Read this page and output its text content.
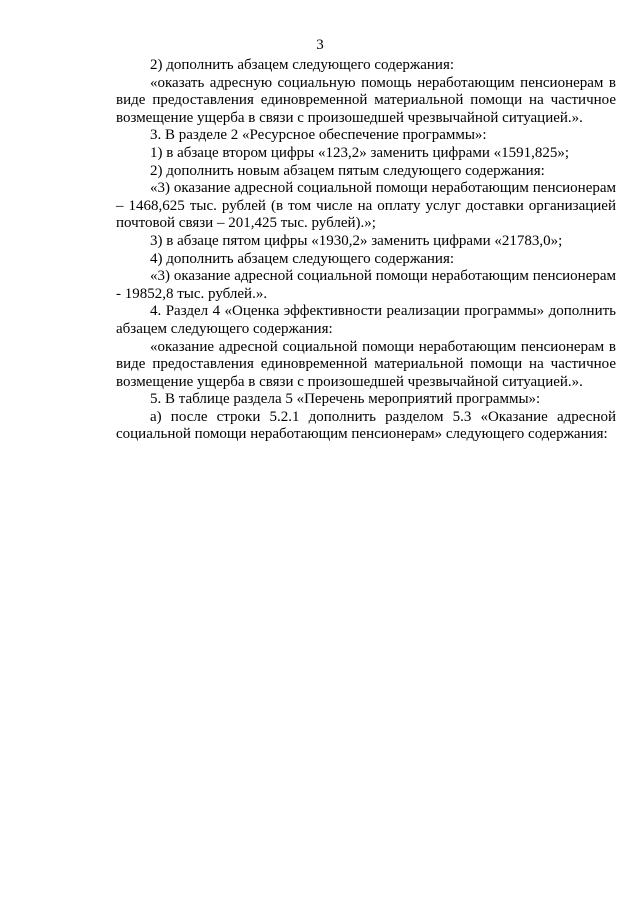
3

2) дополнить абзацем следующего содержания:

«оказать адресную социальную помощь неработающим пенсионерам в виде предоставления единовременной материальной помощи на частичное возмещение ущерба в связи с произошедшей чрезвычайной ситуацией.».

3. В разделе 2 «Ресурсное обеспечение программы»:

1) в абзаце втором цифры «123,2» заменить цифрами «1591,825»;

2) дополнить новым абзацем пятым следующего содержания:

«3) оказание адресной социальной помощи неработающим пенсионерам – 1468,625 тыс. рублей (в том числе на оплату услуг доставки организацией почтовой связи – 201,425 тыс. рублей).»;

3) в абзаце пятом цифры «1930,2» заменить цифрами «21783,0»;

4) дополнить абзацем следующего содержания:

«3) оказание адресной социальной помощи неработающим пенсионерам - 19852,8 тыс. рублей.».

4. Раздел 4 «Оценка эффективности реализации программы» дополнить абзацем следующего содержания:

«оказание адресной социальной помощи неработающим пенсионерам в виде предоставления единовременной материальной помощи на частичное возмещение ущерба в связи с произошедшей чрезвычайной ситуацией.».

5. В таблице раздела 5 «Перечень мероприятий программы»:

а) после строки 5.2.1 дополнить разделом 5.3 «Оказание адресной социальной помощи неработающим пенсионерам» следующего содержания:
